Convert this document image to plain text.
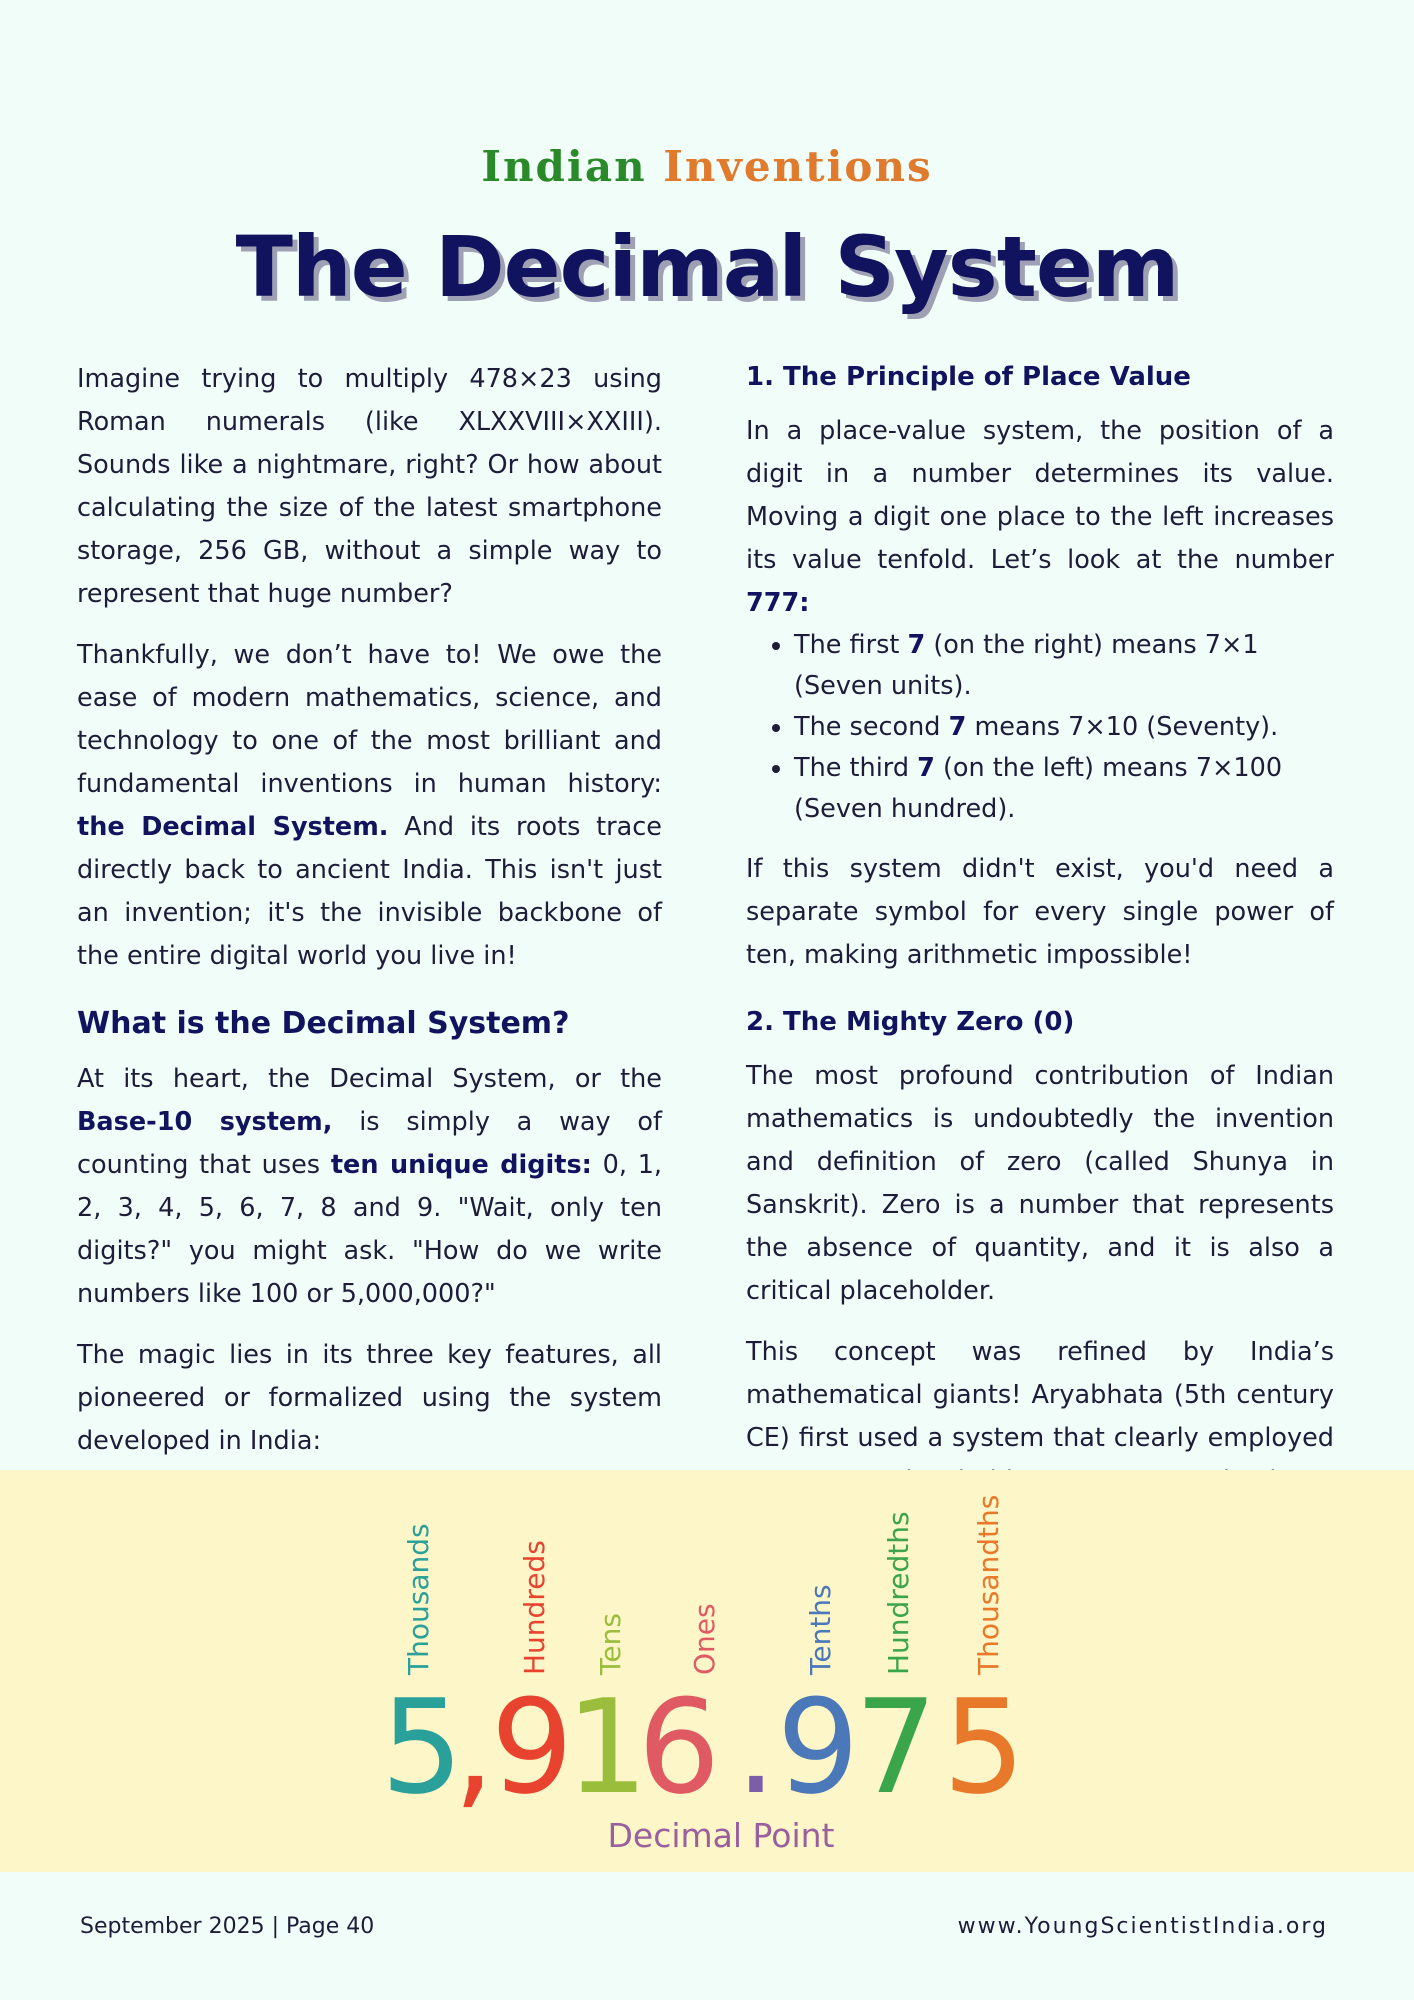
Indian Inventions
The Decimal System

Imagine trying to multiply 478×23 using Roman numerals (like XLXXVIII×XXIII). Sounds like a nightmare, right? Or how about calculating the size of the latest smartphone storage, 256 GB, without a simple way to represent that huge number?

Thankfully, we don’t have to! We owe the ease of modern mathematics, science, and technology to one of the most brilliant and fundamental inventions in human history: the Decimal System. And its roots trace directly back to ancient India. This isn't just an invention; it's the invisible backbone of the entire digital world you live in!

What is the Decimal System?

At its heart, the Decimal System, or the Base-10 system, is simply a way of counting that uses ten unique digits: 0, 1, 2, 3, 4, 5, 6, 7, 8 and 9. "Wait, only ten digits?" you might ask. "How do we write numbers like 100 or 5,000,000?"

The magic lies in its three key features, all pioneered or formalized using the system developed in India:

1. The Principle of Place Value

In a place-value system, the position of a digit in a number determines its value. Moving a digit one place to the left increases its value tenfold. Let’s look at the number 777:

• The first 7 (on the right) means 7×1 (Seven units).
• The second 7 means 7×10 (Seventy).
• The third 7 (on the left) means 7×100 (Seven hundred).

If this system didn't exist, you'd need a separate symbol for every single power of ten, making arithmetic impossible!

2. The Mighty Zero (0)

The most profound contribution of Indian mathematics is undoubtedly the invention and definition of zero (called Shunya in Sanskrit). Zero is a number that represents the absence of quantity, and it is also a critical placeholder.

This concept was refined by India’s mathematical giants! Aryabhata (5th century CE) first used a system that clearly employed

Thousands	Hundreds Tens Ones	Tenths Hundredths Thousandths
5
,
9
1
6 . 9
7 5
Decimal Point
September 2025 | Page 40	www.YoungScientistIndia.org
